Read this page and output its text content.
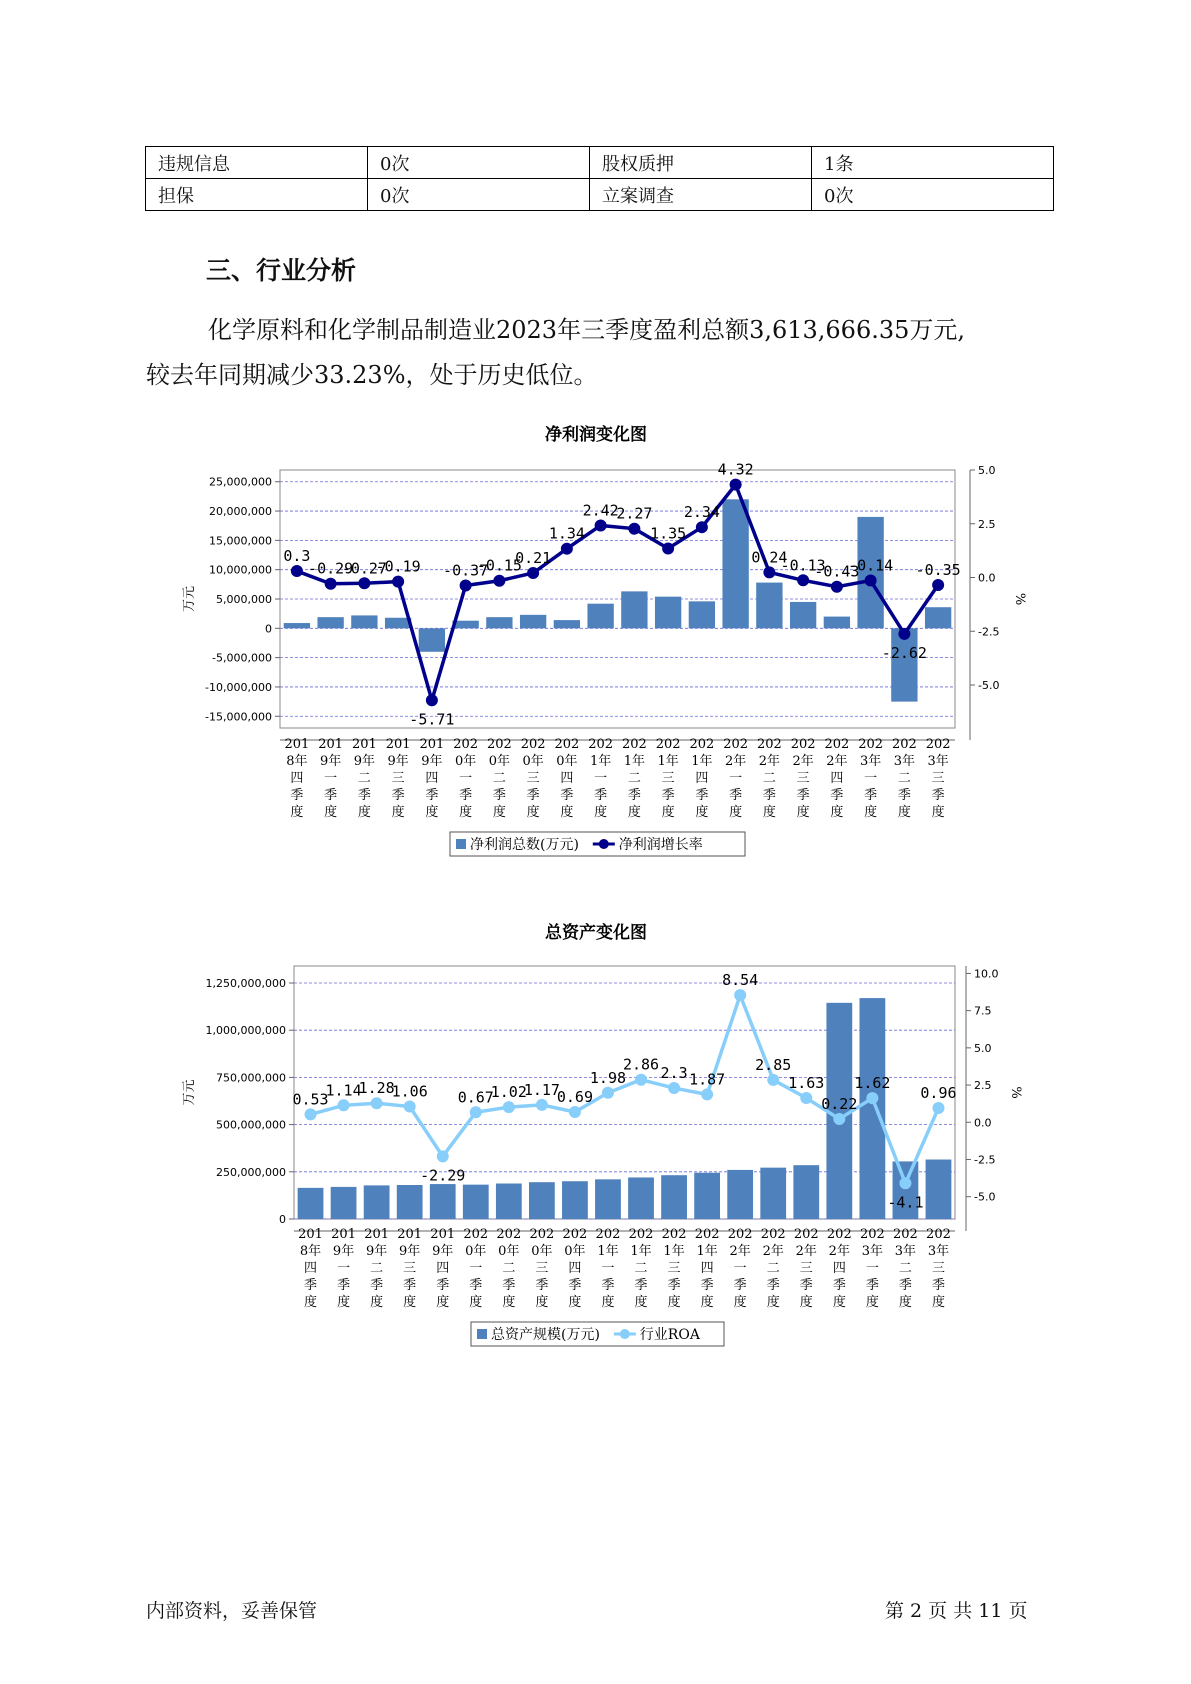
违规信息	0次	股权质押	1条
担保	0次	立案调查	0次
三、行业分析

化学原料和化学制品制造业2023年三季度盈利总额3,613,666.35万元,
较去年同期减少33.23%，处于历史低位。

净利润变化图
25,000,000
20,000,000
15,000,000
10,000,000
5,000,000
0
-5,000,000
-10,000,000
-15,000,000
万元
5.0
2.5
0.0
-2.5
-5.0
%
0.3
-0.29
-0.27
-0.19
-5.71
-0.37
-0.15
0.21
1.34
2.42
2.27
1.35
2.34
4.32
0.24
-0.13
-0.43
-0.14
-2.62
-0.35
201
8年
四
季
度
201
9年
一
季
度
201
9年
二
季
度
201
9年
三
季
度
201
9年
四
季
度
202
0年
一
季
度
202
0年
二
季
度
202
0年
三
季
度
202
0年
四
季
度
202
1年
一
季
度
202
1年
二
季
度
202
1年
三
季
度
202
1年
四
季
度
202
2年
一
季
度
202
2年
二
季
度
202
2年
三
季
度
202
2年
四
季
度
202
3年
一
季
度
202
3年
二
季
度
202
3年
三
季
度
净利润总数(万元)	净利润增长率
总资产变化图
1,250,000,000
1,000,000,000
750,000,000
500,000,000
250,000,000
0
万元
10.0
7.5
5.0
2.5
0.0
-2.5
-5.0
%
0.53
1.14
1.28
1.06
-2.29
0.67
1.02
1.17
0.69
1.98
2.86 2.3 1.87
8.54
2.85
1.63
0.22
1.62
-4.1
0.96
201
8年
四
季
度
201
9年
一
季
度
201
9年
二
季
度
201
9年
三
季
度
201
9年
四
季
度
202
0年
一
季
度
202
0年
二
季
度
202
0年
三
季
度
202
0年
四
季
度
202
1年
一
季
度
202
1年
二
季
度
202
1年
三
季
度
202
1年
四
季
度
202
2年
一
季
度
202
2年
二
季
度
202
2年
三
季
度
202
2年
四
季
度
202
3年
一
季
度
202
3年
二
季
度
202
3年
三
季
度
总资产规模(万元)	行业ROA
内部资料，妥善保管	第 2 页 共 11 页
